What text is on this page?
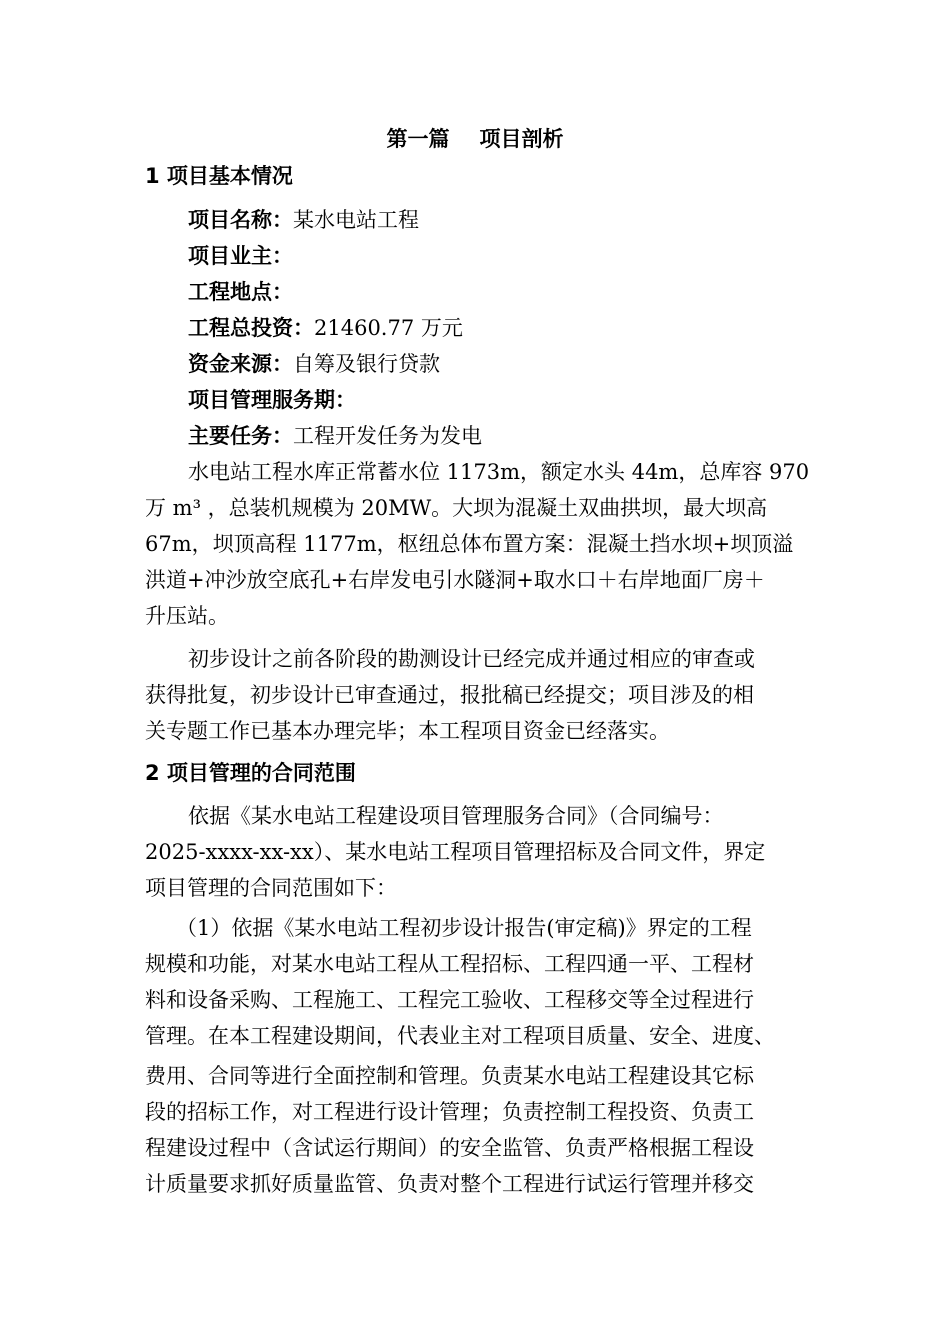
第一篇 项目剖析
1 项目基本情况
项目名称：某水电站工程
项目业主：
工程地点：
工程总投资：21460.77 万元
资金来源：自筹及银行贷款
项目管理服务期：
主要任务：工程开发任务为发电
水电站工程水库正常蓄水位 1173m，额定水头 44m，总库容 970
万 m³ ，总装机规模为 20MW。大坝为混凝土双曲拱坝，最大坝高
67m，坝顶高程 1177m，枢纽总体布置方案：混凝土挡水坝+坝顶溢
洪道+冲沙放空底孔+右岸发电引水隧洞+取水口＋右岸地面厂房＋
升压站。
初步设计之前各阶段的勘测设计已经完成并通过相应的审查或
获得批复，初步设计已审查通过，报批稿已经提交；项目涉及的相
关专题工作已基本办理完毕；本工程项目资金已经落实。
2 项目管理的合同范围
依据《某水电站工程建设项目管理服务合同》（合同编号：
2025-xxxx-xx-xx）、某水电站工程项目管理招标及合同文件，界定
项目管理的合同范围如下：
（1）依据《某水电站工程初步设计报告(审定稿)》界定的工程
规模和功能，对某水电站工程从工程招标、工程四通一平、工程材
料和设备采购、工程施工、工程完工验收、工程移交等全过程进行
管理。在本工程建设期间，代表业主对工程项目质量、安全、进度、
费用、合同等进行全面控制和管理。负责某水电站工程建设其它标
段的招标工作，对工程进行设计管理；负责控制工程投资、负责工
程建设过程中（含试运行期间）的安全监管、负责严格根据工程设
计质量要求抓好质量监管、负责对整个工程进行试运行管理并移交
